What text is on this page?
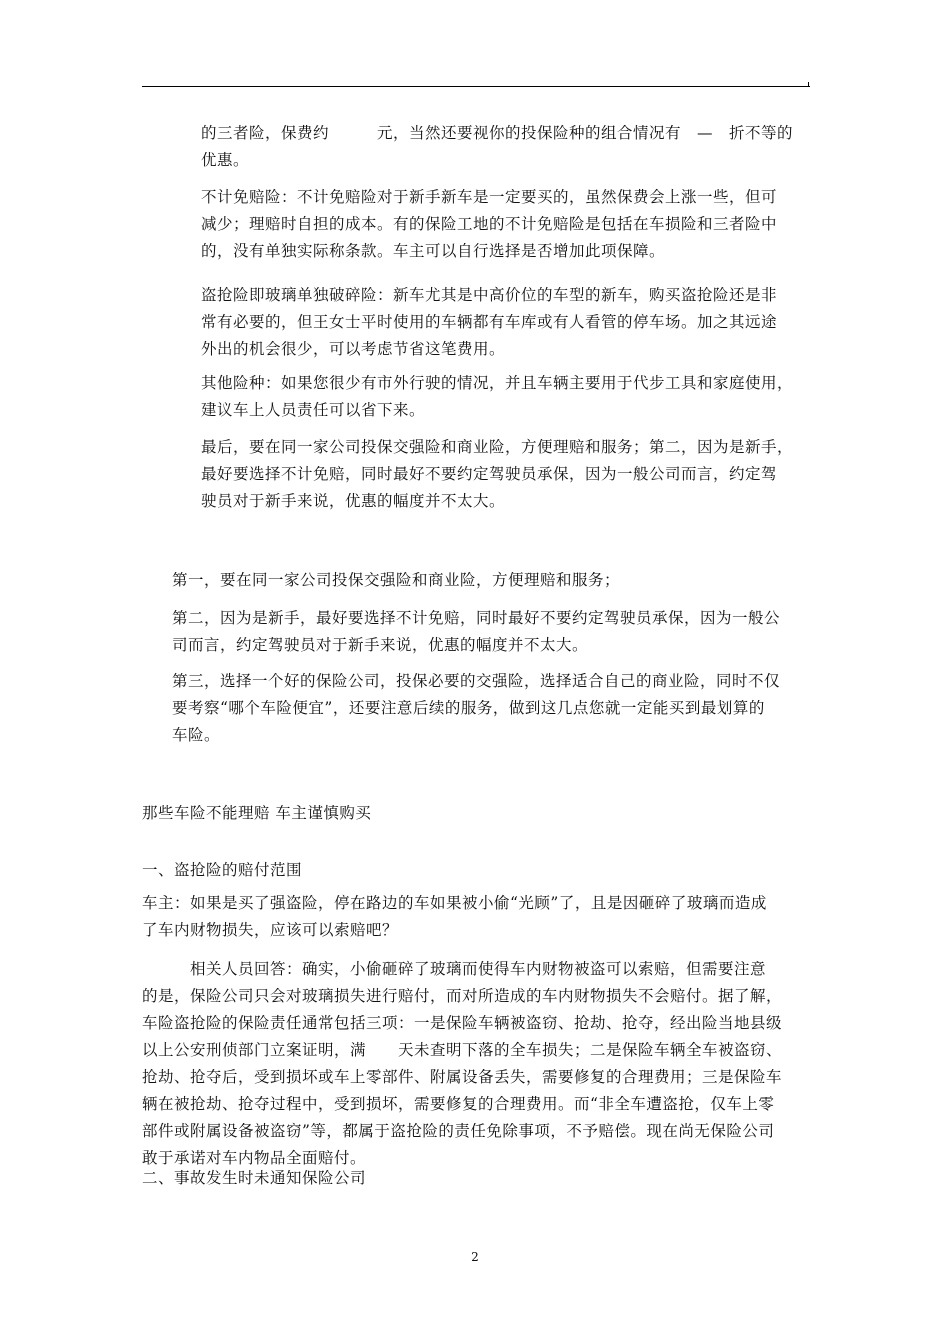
的三者险，保费约　　　元，当然还要视你的投保险种的组合情况有　—　折不等的

优惠。

不计免赔险：不计免赔险对于新手新车是一定要买的，虽然保费会上涨一些，但可

减少；理赔时自担的成本。有的保险工地的不计免赔险是包括在车损险和三者险中

的，没有单独实际称条款。车主可以自行选择是否增加此项保障。

盗抢险即玻璃单独破碎险：新车尤其是中高价位的车型的新车，购买盗抢险还是非

常有必要的，但王女士平时使用的车辆都有车库或有人看管的停车场。加之其远途

外出的机会很少，可以考虑节省这笔费用。

其他险种：如果您很少有市外行驶的情况，并且车辆主要用于代步工具和家庭使用，

建议车上人员责任可以省下来。

最后，要在同一家公司投保交强险和商业险，方便理赔和服务；第二，因为是新手，

最好要选择不计免赔，同时最好不要约定驾驶员承保，因为一般公司而言，约定驾

驶员对于新手来说，优惠的幅度并不太大。

第一，要在同一家公司投保交强险和商业险，方便理赔和服务；

第二，因为是新手，最好要选择不计免赔，同时最好不要约定驾驶员承保，因为一般公

司而言，约定驾驶员对于新手来说，优惠的幅度并不太大。

第三，选择一个好的保险公司，投保必要的交强险，选择适合自己的商业险，同时不仅

要考察“哪个车险便宜”，还要注意后续的服务，做到这几点您就一定能买到最划算的

车险。

那些车险不能理赔 车主谨慎购买

一、盗抢险的赔付范围

车主：如果是买了强盗险，停在路边的车如果被小偷“光顾”了，且是因砸碎了玻璃而造成

了车内财物损失，应该可以索赔吧？

　　　相关人员回答：确实，小偷砸碎了玻璃而使得车内财物被盗可以索赔，但需要注意

的是，保险公司只会对玻璃损失进行赔付，而对所造成的车内财物损失不会赔付。据了解，

车险盗抢险的保险责任通常包括三项：一是保险车辆被盗窃、抢劫、抢夺，经出险当地县级

以上公安刑侦部门立案证明，满　　天未查明下落的全车损失；二是保险车辆全车被盗窃、

抢劫、抢夺后，受到损坏或车上零部件、附属设备丢失，需要修复的合理费用；三是保险车

辆在被抢劫、抢夺过程中，受到损坏，需要修复的合理费用。而“非全车遭盗抢，仅车上零

部件或附属设备被盗窃”等，都属于盗抢险的责任免除事项，不予赔偿。现在尚无保险公司

敢于承诺对车内物品全面赔付。

二、事故发生时未通知保险公司

2
